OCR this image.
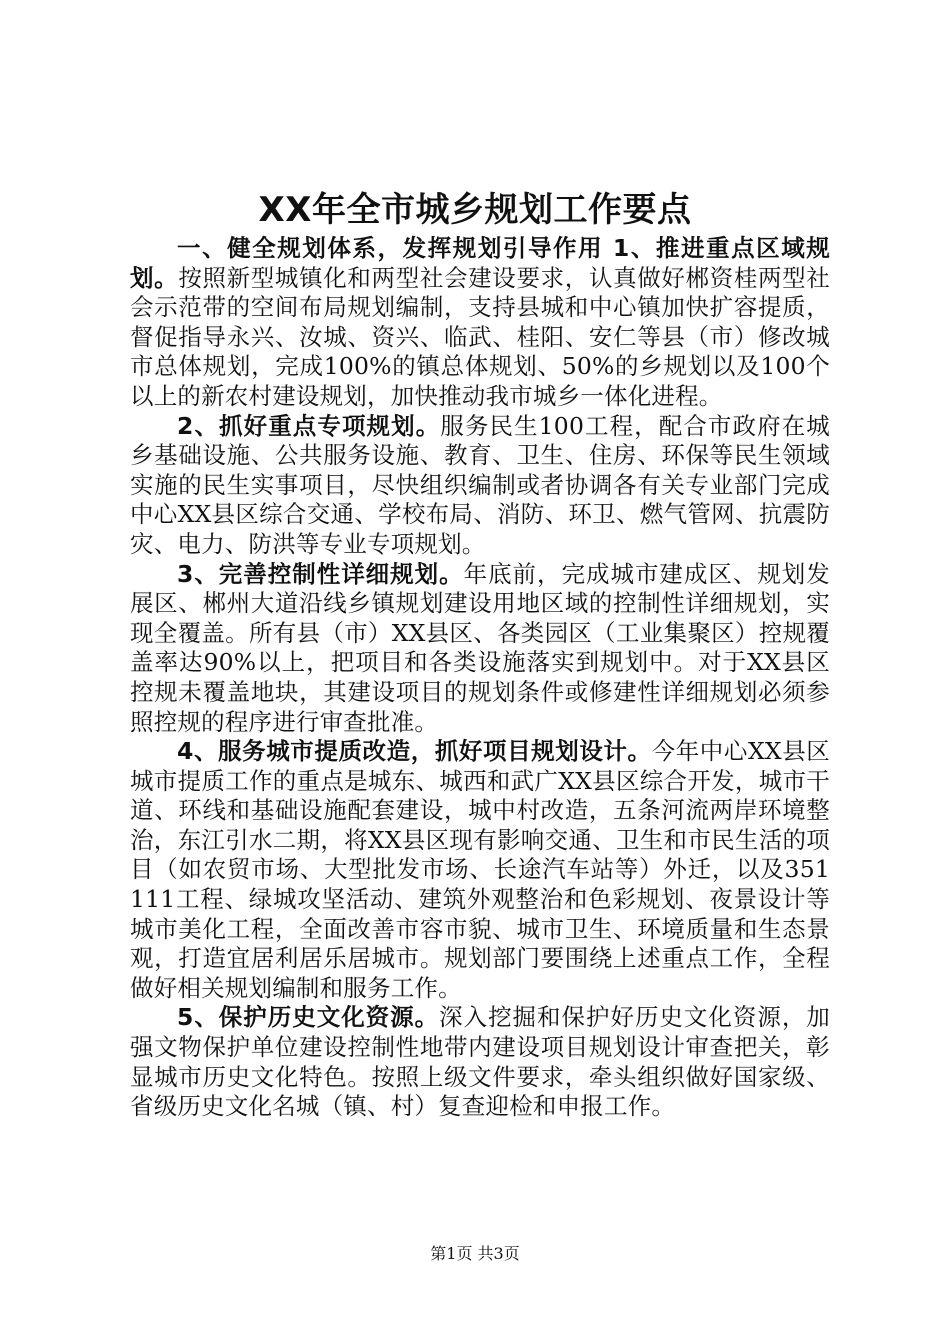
XX年全市城乡规划工作要点

一、健全规划体系，发挥规划引导作用 1、推进重点区域规划。按照新型城镇化和两型社会建设要求，认真做好郴资桂两型社会示范带的空间布局规划编制，支持县城和中心镇加快扩容提质，督促指导永兴、汝城、资兴、临武、桂阳、安仁等县（市）修改城市总体规划，完成100%的镇总体规划、50%的乡规划以及100个以上的新农村建设规划，加快推动我市城乡一体化进程。

2、抓好重点专项规划。服务民生100工程，配合市政府在城乡基础设施、公共服务设施、教育、卫生、住房、环保等民生领域实施的民生实事项目，尽快组织编制或者协调各有关专业部门完成中心XX县区综合交通、学校布局、消防、环卫、燃气管网、抗震防灾、电力、防洪等专业专项规划。

3、完善控制性详细规划。年底前，完成城市建成区、规划发展区、郴州大道沿线乡镇规划建设用地区域的控制性详细规划，实现全覆盖。所有县（市）XX县区、各类园区（工业集聚区）控规覆盖率达90%以上，把项目和各类设施落实到规划中。对于XX县区控规未覆盖地块，其建设项目的规划条件或修建性详细规划必须参照控规的程序进行审查批准。

4、服务城市提质改造，抓好项目规划设计。今年中心XX县区城市提质工作的重点是城东、城西和武广XX县区综合开发，城市干道、环线和基础设施配套建设，城中村改造，五条河流两岸环境整治，东江引水二期，将XX县区现有影响交通、卫生和市民生活的项目（如农贸市场、大型批发市场、长途汽车站等）外迁，以及351111工程、绿城攻坚活动、建筑外观整治和色彩规划、夜景设计等城市美化工程，全面改善市容市貌、城市卫生、环境质量和生态景观，打造宜居利居乐居城市。规划部门要围绕上述重点工作，全程做好相关规划编制和服务工作。

5、保护历史文化资源。深入挖掘和保护好历史文化资源，加强文物保护单位建设控制性地带内建设项目规划设计审查把关，彰显城市历史文化特色。按照上级文件要求，牵头组织做好国家级、省级历史文化名城（镇、村）复查迎检和申报工作。

第1页 共3页
